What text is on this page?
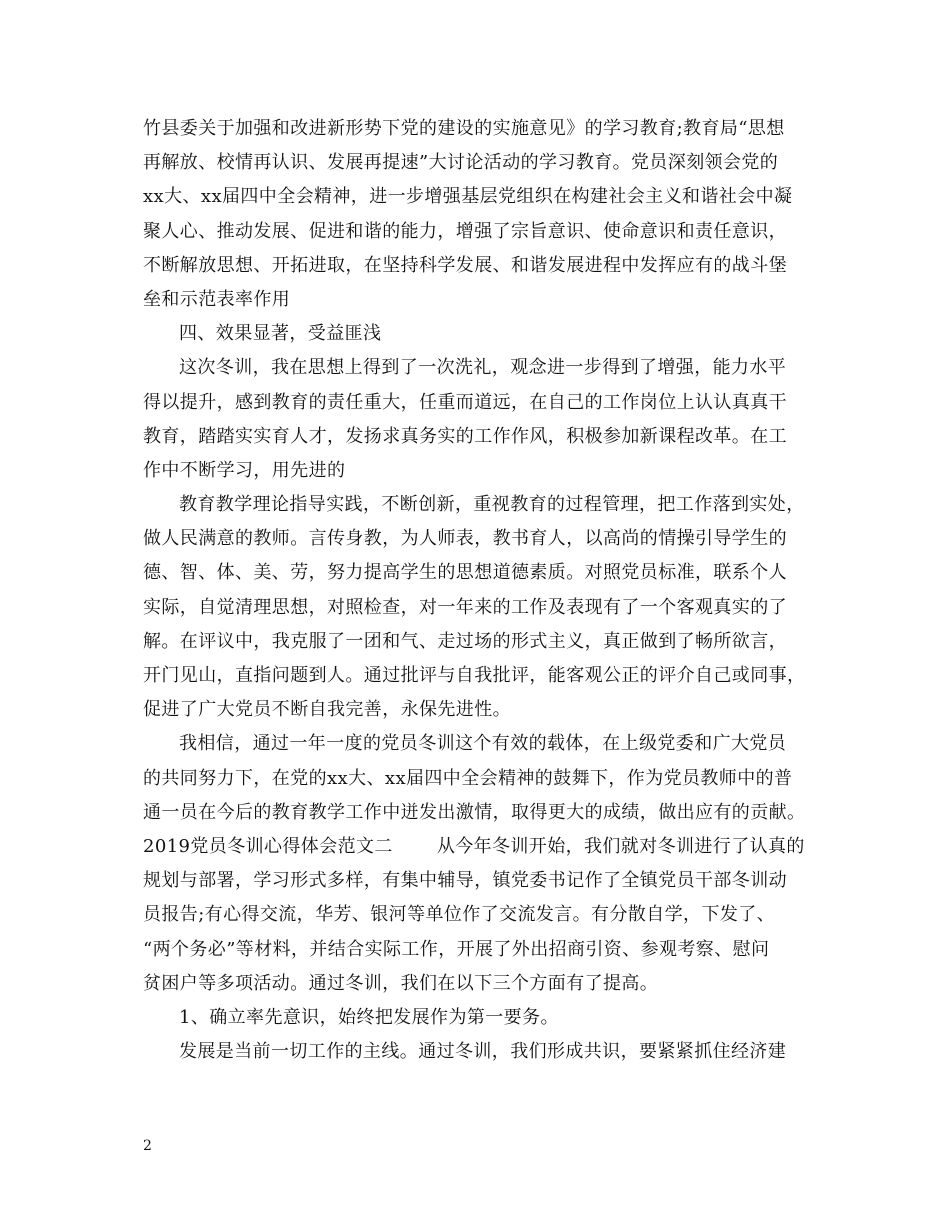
竹县委关于加强和改进新形势下党的建设的实施意见》的学习教育;教育局“思想
再解放、校情再认识、发展再提速”大讨论活动的学习教育。党员深刻领会党的
xx大、xx届四中全会精神，进一步增强基层党组织在构建社会主义和谐社会中凝
聚人心、推动发展、促进和谐的能力，增强了宗旨意识、使命意识和责任意识，
不断解放思想、开拓进取，在坚持科学发展、和谐发展进程中发挥应有的战斗堡
垒和示范表率作用
四、效果显著，受益匪浅
这次冬训，我在思想上得到了一次洗礼，观念进一步得到了增强，能力水平
得以提升，感到教育的责任重大，任重而道远，在自己的工作岗位上认认真真干
教育，踏踏实实育人才，发扬求真务实的工作作风，积极参加新课程改革。在工
作中不断学习，用先进的
教育教学理论指导实践，不断创新，重视教育的过程管理，把工作落到实处，
做人民满意的教师。言传身教，为人师表，教书育人，以高尚的情操引导学生的
德、智、体、美、劳，努力提高学生的思想道德素质。对照党员标准，联系个人
实际，自觉清理思想，对照检查，对一年来的工作及表现有了一个客观真实的了
解。在评议中，我克服了一团和气、走过场的形式主义，真正做到了畅所欲言，
开门见山，直指问题到人。通过批评与自我批评，能客观公正的评介自己或同事，
促进了广大党员不断自我完善，永保先进性。
我相信，通过一年一度的党员冬训这个有效的载体，在上级党委和广大党员
的共同努力下，在党的xx大、xx届四中全会精神的鼓舞下，作为党员教师中的普
通一员在今后的教育教学工作中迸发出激情，取得更大的成绩，做出应有的贡献。
2019党员冬训心得体会范文二 从今年冬训开始，我们就对冬训进行了认真的
规划与部署，学习形式多样，有集中辅导，镇党委书记作了全镇党员干部冬训动
员报告;有心得交流，华芳、银河等单位作了交流发言。有分散自学，下发了、
“两个务必”等材料，并结合实际工作，开展了外出招商引资、参观考察、慰问
贫困户等多项活动。通过冬训，我们在以下三个方面有了提高。
1、确立率先意识，始终把发展作为第一要务。
发展是当前一切工作的主线。通过冬训，我们形成共识，要紧紧抓住经济建
2
